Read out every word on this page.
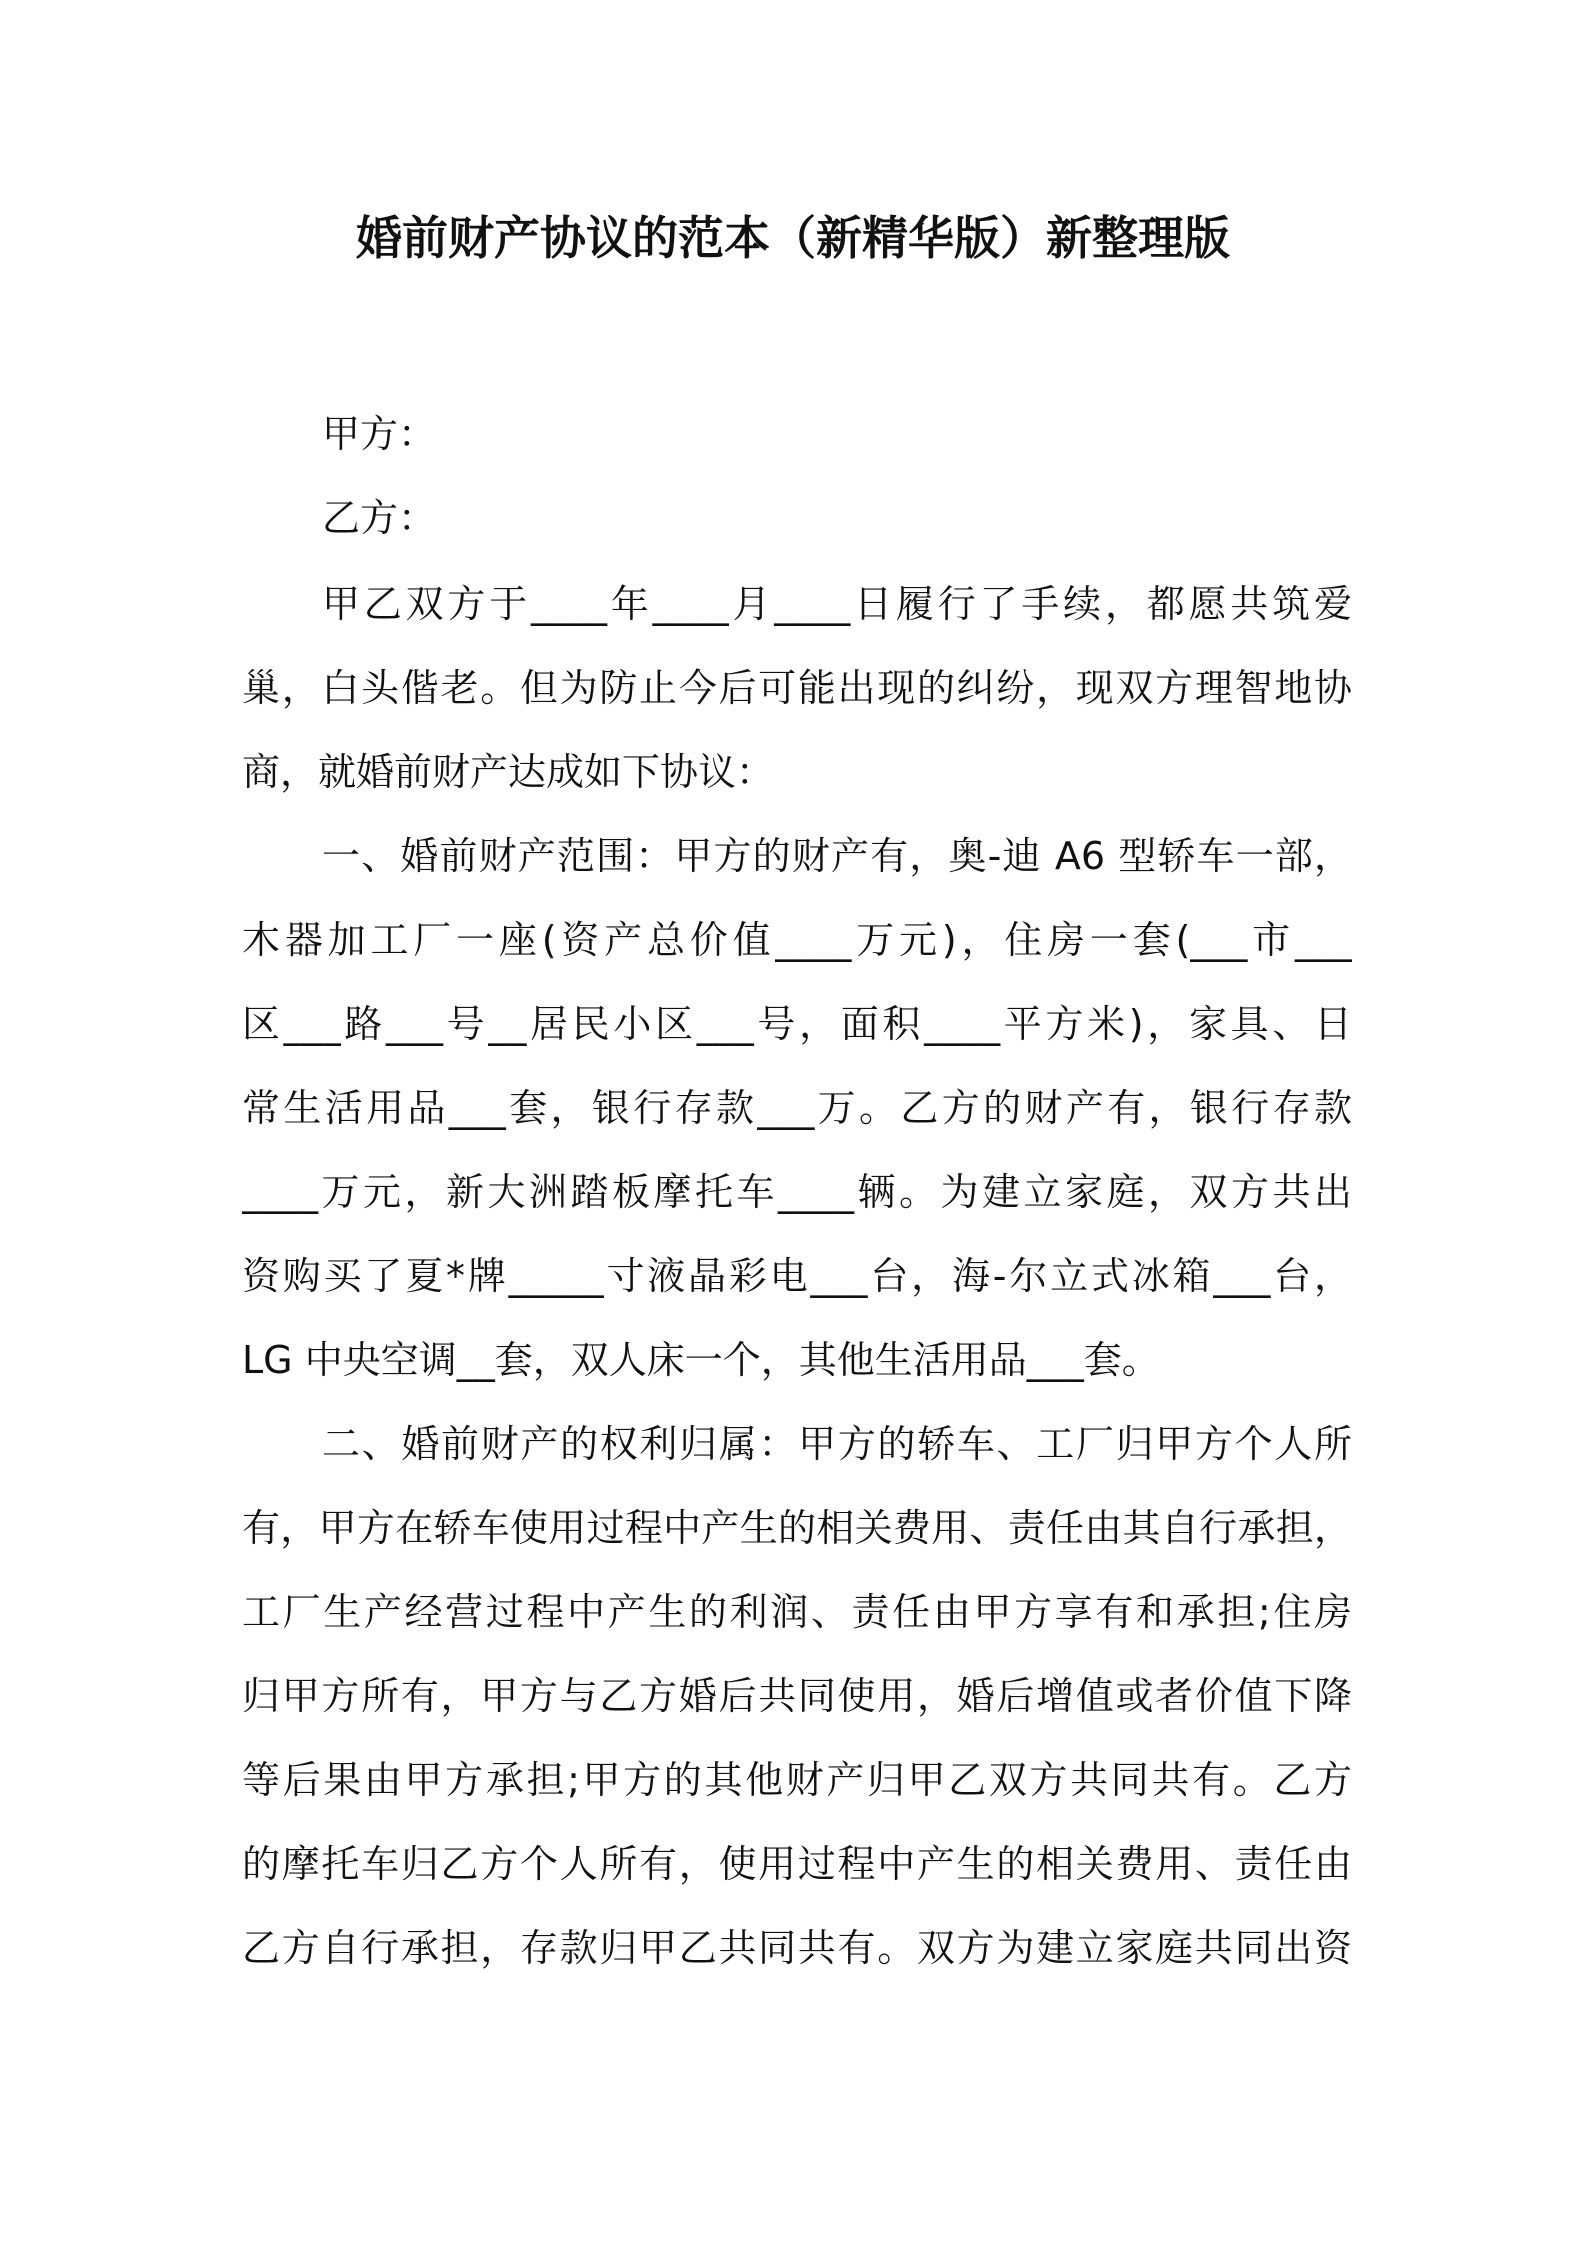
婚前财产协议的范本（新精华版）新整理版
甲方：
乙方：
甲乙双方于____年____月____日履行了手续，都愿共筑爱
巢，白头偕老。但为防止今后可能出现的纠纷，现双方理智地协
商，就婚前财产达成如下协议：
一、婚前财产范围：甲方的财产有，奥-迪 A6 型轿车一部，
木器加工厂一座(资产总价值____万元)，住房一套(___市___
区___路___号__居民小区___号，面积____平方米)，家具、日
常生活用品___套，银行存款___万。乙方的财产有，银行存款
____万元，新大洲踏板摩托车____辆。为建立家庭，双方共出
资购买了夏*牌_____寸液晶彩电___台，海-尔立式冰箱___台，
LG 中央空调__套，双人床一个，其他生活用品___套。
二、婚前财产的权利归属：甲方的轿车、工厂归甲方个人所
有，甲方在轿车使用过程中产生的相关费用、责任由其自行承担，
工厂生产经营过程中产生的利润、责任由甲方享有和承担;住房
归甲方所有，甲方与乙方婚后共同使用，婚后增值或者价值下降
等后果由甲方承担;甲方的其他财产归甲乙双方共同共有。乙方
的摩托车归乙方个人所有，使用过程中产生的相关费用、责任由
乙方自行承担，存款归甲乙共同共有。双方为建立家庭共同出资
